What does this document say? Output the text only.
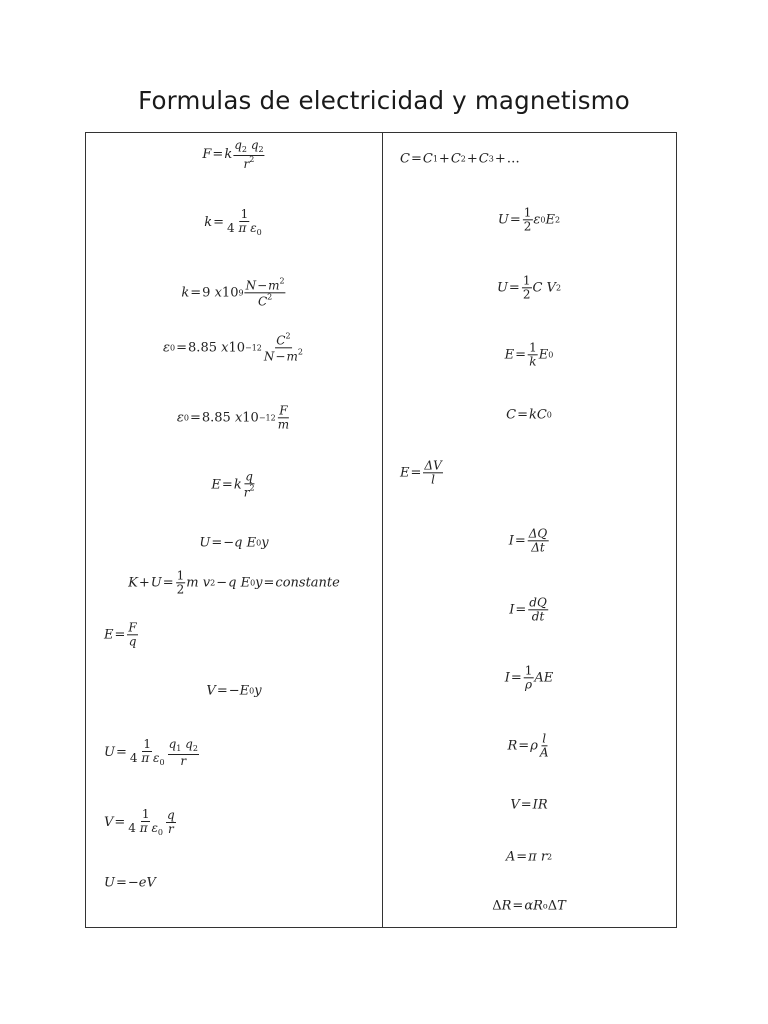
Formulas de electricidad y magnetismo
F = k $\frac{q_2 q_2}{r^2}$
$k = \frac{1}{4 \pi \varepsilon_0}$
k = 9 x 10 $9 \frac{N-m^2}{C^2}$
ε 0 = 8.85 x $10 -12 \frac{C^2}{N-m^2}$
ε 0 = 8.85 x $10 -12 \frac{F}{m}$
E = k $\frac{q}{r^2}$
U = −q E 0 y
$K + U = \frac{1}{2}$ m v 2 − q E 0 y = constante
$E = \frac{F}{q}$
V = −E 0 y
$U = \frac{1}{4 \pi \varepsilon_0} \frac{q_1 q_2}{r}$
$V = \frac{1}{4 \pi \varepsilon_0} \frac{q}{r}$
U = −eV
C = C 1 + C 2 + C 3 + …
$U = \frac{1}{2}$ ε 0 E 2
$U = \frac{1}{2}$ C V 2
$E = \frac{1}{k}$ E 0
C = kC 0
$E = \frac{\Delta V}{l}$
$I = \frac{\Delta Q}{\Delta t}$
$I = \frac{dQ}{dt}$
$I = \frac{1}{\rho}$ AE
R = ρ $\frac{l}{A}$
V = IR
A = π r 2
Δ R = αR o Δ T
